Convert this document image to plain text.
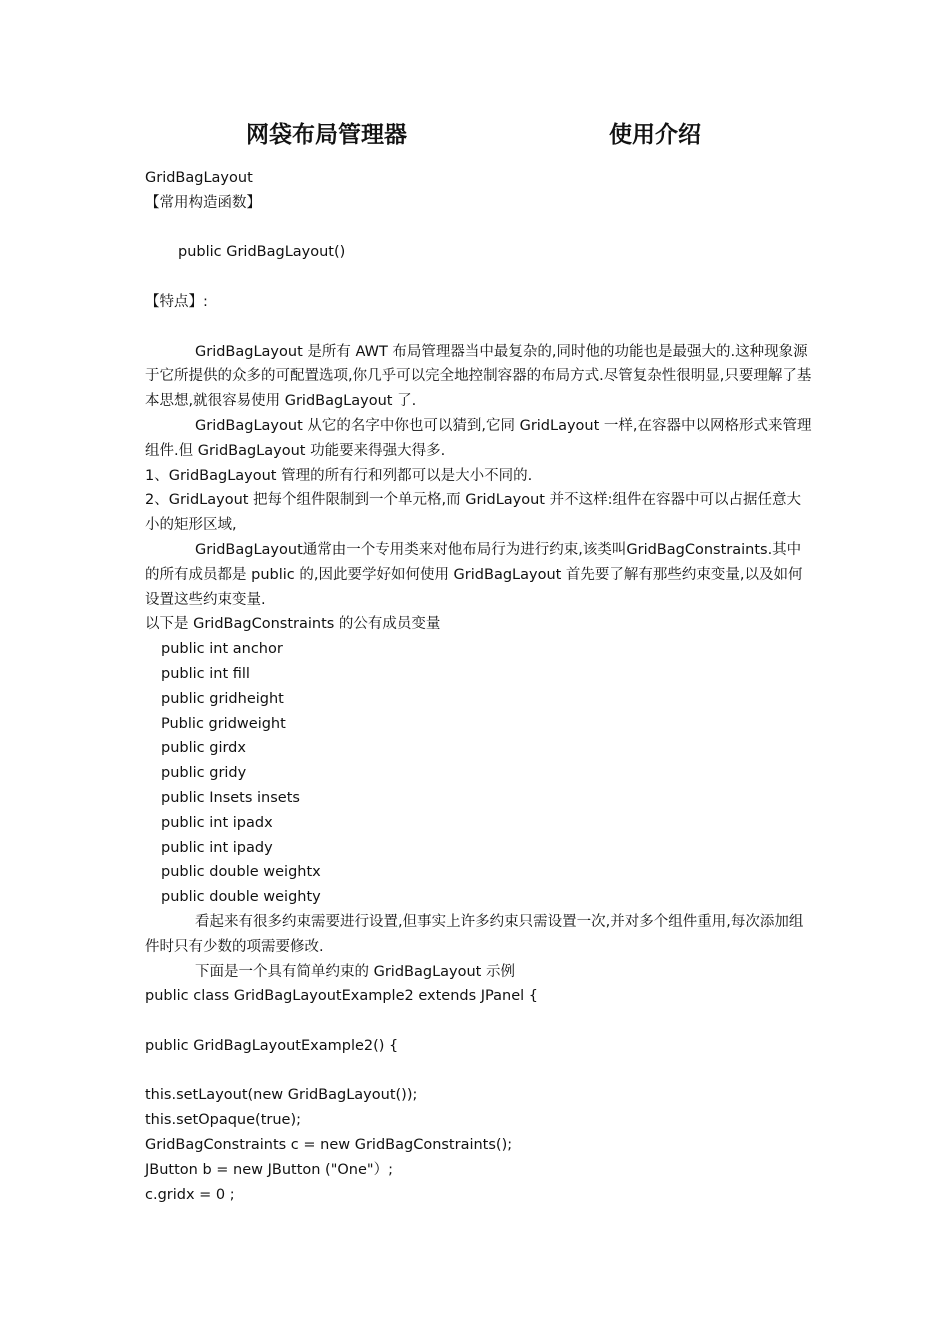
网袋布局管理器	使用介绍

GridBagLayout

【常用构造函数】

public GridBagLayout()

【特点】:

GridBagLayout 是所有 AWT 布局管理器当中最复杂的,同时他的功能也是最强大的.这种现象源于它所提供的众多的可配置选项,你几乎可以完全地控制容器的布局方式.尽管复杂性很明显,只要理解了基本思想,就很容易使用 GridBagLayout 了.

GridBagLayout 从它的名字中你也可以猜到,它同 GridLayout 一样,在容器中以网格形式来管理组件.但 GridBagLayout 功能要来得强大得多.

1、GridBagLayout 管理的所有行和列都可以是大小不同的.

2、GridLayout 把每个组件限制到一个单元格,而 GridLayout 并不这样:组件在容器中可以占据任意大小的矩形区域,

GridBagLayout通常由一个专用类来对他布局行为进行约束,该类叫GridBagConstraints.其中的所有成员都是 public 的,因此要学好如何使用 GridBagLayout 首先要了解有那些约束变量,以及如何设置这些约束变量.

以下是 GridBagConstraints 的公有成员变量

public int anchor

public int fill

public gridheight

Public gridweight

public girdx

public gridy

public Insets insets

public int ipadx

public int ipady

public double weightx

public double weighty

看起来有很多约束需要进行设置,但事实上许多约束只需设置一次,并对多个组件重用,每次添加组件时只有少数的项需要修改.

下面是一个具有简单约束的 GridBagLayout 示例

public class GridBagLayoutExample2 extends JPanel {

public GridBagLayoutExample2() {

this.setLayout(new GridBagLayout());

this.setOpaque(true);

GridBagConstraints c = new GridBagConstraints();

JButton b = new JButton ("One"）;

c.gridx = 0 ;
